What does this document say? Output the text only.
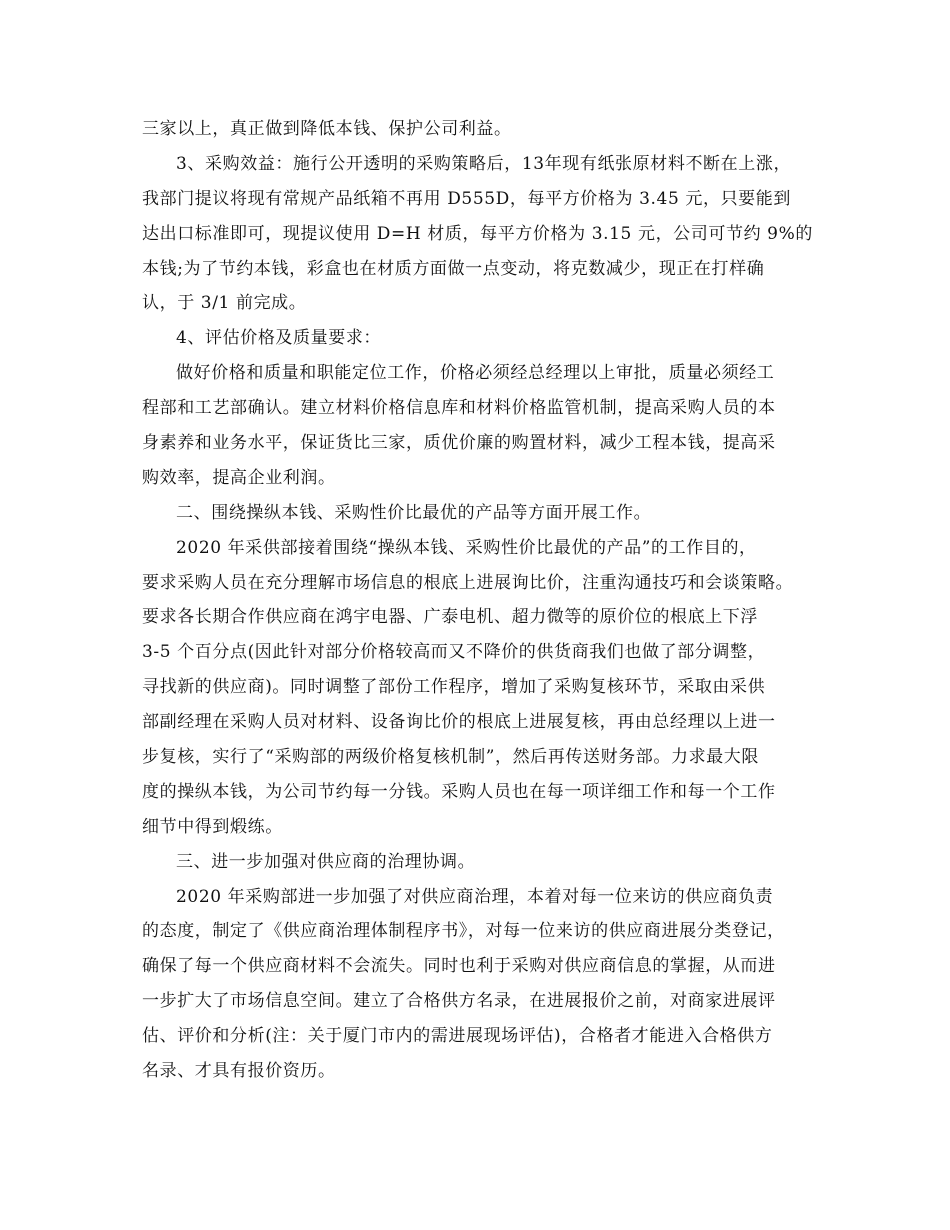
三家以上，真正做到降低本钱、保护公司利益。
3、采购效益：施行公开透明的采购策略后，13年现有纸张原材料不断在上涨，
我部门提议将现有常规产品纸箱不再用 D555D，每平方价格为 3.45 元，只要能到
达出口标准即可，现提议使用 D=H 材质，每平方价格为 3.15 元，公司可节约 9%的
本钱;为了节约本钱，彩盒也在材质方面做一点变动，将克数减少，现正在打样确
认，于 3/1 前完成。
4、评估价格及质量要求：
做好价格和质量和职能定位工作，价格必须经总经理以上审批，质量必须经工
程部和工艺部确认。建立材料价格信息库和材料价格监管机制，提高采购人员的本
身素养和业务水平，保证货比三家，质优价廉的购置材料，减少工程本钱，提高采
购效率，提高企业利润。
二、围绕操纵本钱、采购性价比最优的产品等方面开展工作。
2020 年采供部接着围绕“操纵本钱、采购性价比最优的产品”的工作目的，
要求采购人员在充分理解市场信息的根底上进展询比价，注重沟通技巧和会谈策略。
要求各长期合作供应商在鸿宇电器、广泰电机、超力微等的原价位的根底上下浮
3-5 个百分点(因此针对部分价格较高而又不降价的供货商我们也做了部分调整，
寻找新的供应商)。同时调整了部份工作程序，增加了采购复核环节，采取由采供
部副经理在采购人员对材料、设备询比价的根底上进展复核，再由总经理以上进一
步复核，实行了“采购部的两级价格复核机制”，然后再传送财务部。力求最大限
度的操纵本钱，为公司节约每一分钱。采购人员也在每一项详细工作和每一个工作
细节中得到煅练。
三、进一步加强对供应商的治理协调。
2020 年采购部进一步加强了对供应商治理，本着对每一位来访的供应商负责
的态度，制定了《供应商治理体制程序书》，对每一位来访的供应商进展分类登记，
确保了每一个供应商材料不会流失。同时也利于采购对供应商信息的掌握，从而进
一步扩大了市场信息空间。建立了合格供方名录，在进展报价之前，对商家进展评
估、评价和分析(注：关于厦门市内的需进展现场评估)，合格者才能进入合格供方
名录、才具有报价资历。
